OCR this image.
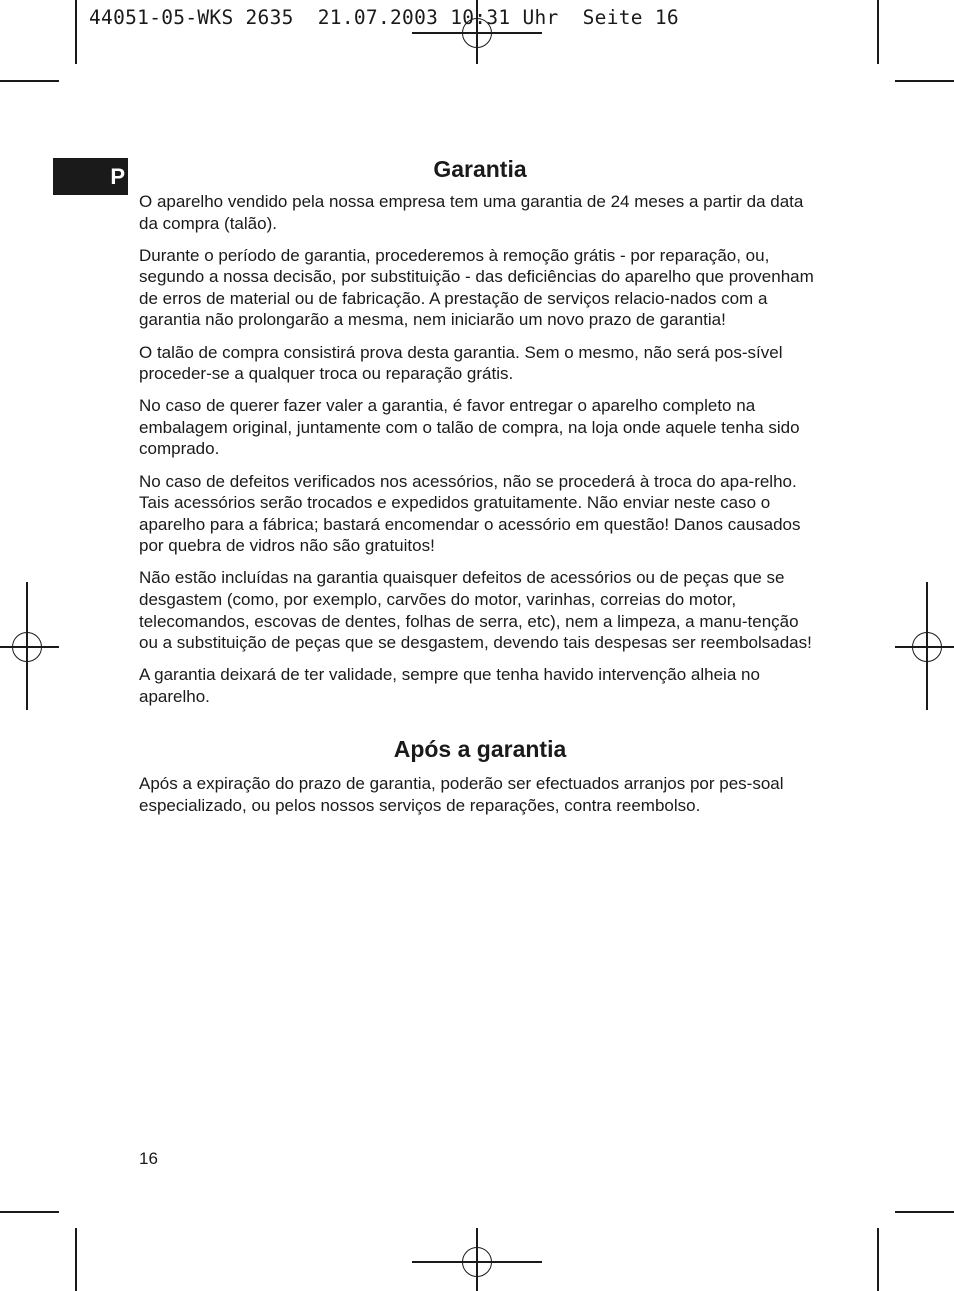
44051-05-WKS 2635  21.07.2003 10:31 Uhr  Seite 16
P	Garantia

O aparelho vendido pela nossa empresa tem uma garantia de 24 meses a partir da data da compra (talão).

Durante o período de garantia, procederemos à remoção grátis - por reparação, ou, segundo a nossa decisão, por substituição - das deficiências do aparelho que provenham de erros de material ou de fabricação. A prestação de serviços relacio-nados com a garantia não prolongarão a mesma, nem iniciarão um novo prazo de garantia!

O talão de compra consistirá prova desta garantia. Sem o mesmo, não será pos-sível proceder-se a qualquer troca ou reparação grátis.

No caso de querer fazer valer a garantia, é favor entregar o aparelho completo na embalagem original, juntamente com o talão de compra, na loja onde aquele tenha sido comprado.

No caso de defeitos verificados nos acessórios, não se procederá à troca do apa-relho. Tais acessórios serão trocados e expedidos gratuitamente. Não enviar neste caso o aparelho para a fábrica; bastará encomendar o acessório em questão! Danos causados por quebra de vidros não são gratuitos!

Não estão incluídas na garantia quaisquer defeitos de acessórios ou de peças que se desgastem (como, por exemplo, carvões do motor, varinhas, correias do motor, telecomandos, escovas de dentes, folhas de serra, etc), nem a limpeza, a manu-tenção ou a substituição de peças que se desgastem, devendo tais despesas ser reembolsadas!

A garantia deixará de ter validade, sempre que tenha havido intervenção alheia no aparelho.

Após a garantia

Após a expiração do prazo de garantia, poderão ser efectuados arranjos por pes-soal especializado, ou pelos nossos serviços de reparações, contra reembolso.

16
